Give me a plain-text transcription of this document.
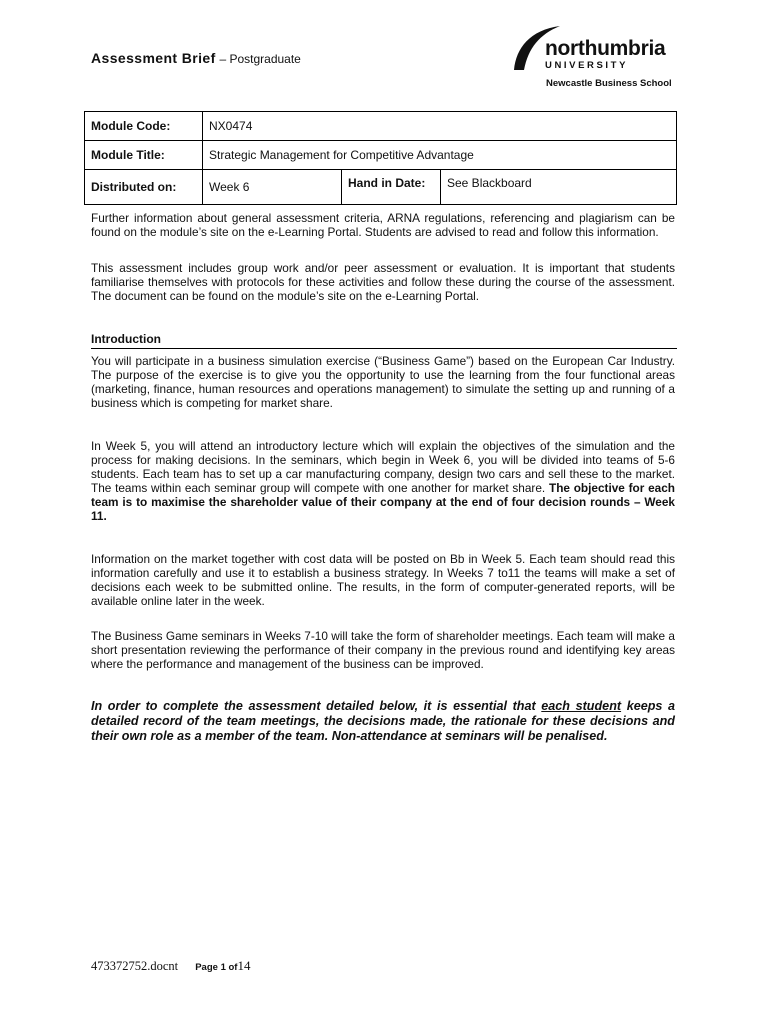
Assessment Brief – Postgraduate	northumbria
UNIVERSITY
Newcastle Business School
Module Code:	NX0474		
Module Title:	Strategic Management for Competitive Advantage		
Distributed on:	Week 6	Hand in Date:	See Blackboard

Further information about general assessment criteria, ARNA regulations, referencing and plagiarism can be found on the module’s site on the e-Learning Portal. Students are advised to read and follow this information.

This assessment includes group work and/or peer assessment or evaluation. It is important that students familiarise themselves with protocols for these activities and follow these during the course of the assessment. The document can be found on the module’s site on the e-Learning Portal.

Introduction

You will participate in a business simulation exercise (“Business Game”) based on the European Car Industry. The purpose of the exercise is to give you the opportunity to use the learning from the four functional areas (marketing, finance, human resources and operations management) to simulate the setting up and running of a business which is competing for market share.

In Week 5, you will attend an introductory lecture which will explain the objectives of the simulation and the process for making decisions. In the seminars, which begin in Week 6, you will be divided into teams of 5-6 students. Each team has to set up a car manufacturing company, design two cars and sell these to the market. The teams within each seminar group will compete with one another for market share. The objective for each team is to maximise the shareholder value of their company at the end of four decision rounds – Week 11.

Information on the market together with cost data will be posted on Bb in Week 5. Each team should read this information carefully and use it to establish a business strategy. In Weeks 7 to11 the teams will make a set of decisions each week to be submitted online. The results, in the form of computer-generated reports, will be available online later in the week.

The Business Game seminars in Weeks 7-10 will take the form of shareholder meetings. Each team will make a short presentation reviewing the performance of their company in the previous round and identifying key areas where the performance and management of the business can be improved.

In order to complete the assessment detailed below, it is essential that each student keeps a detailed record of the team meetings, the decisions made, the rationale for these decisions and their own role as a member of the team. Non-attendance at seminars will be penalised.

473372752.docnt Page 1 of14
